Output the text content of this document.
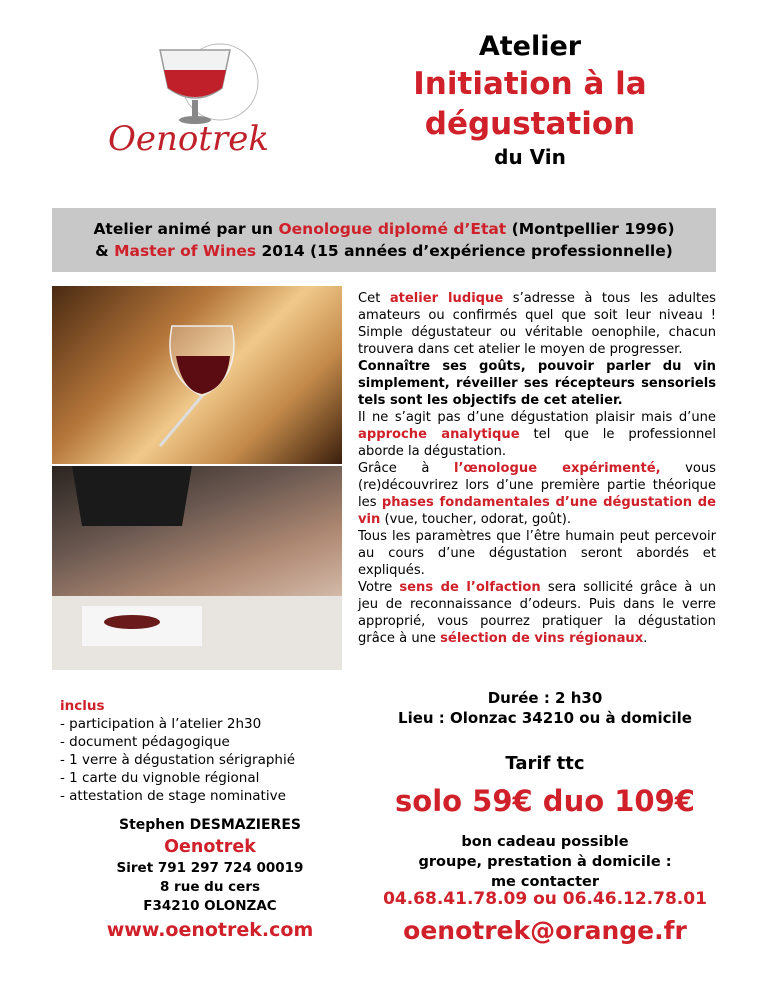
Oenotrek
Atelier
Initiation à la
dégustation
du Vin
Atelier animé par un Oenologue diplomé d’Etat (Montpellier 1996)
& Master of Wines 2014 (15 années d’expérience professionnelle)
Cet atelier ludique s’adresse à tous les adultes amateurs ou confirmés quel que soit leur niveau ! Simple dégustateur ou véritable oenophile, chacun trouvera dans cet atelier le moyen de progresser.
Connaître ses goûts, pouvoir parler du vin simplement, réveiller ses récepteurs sensoriels tels sont les objectifs de cet atelier.
Il ne s’agit pas d’une dégustation plaisir mais d’une approche analytique tel que le professionnel aborde la dégustation.
Grâce à l’œnologue expérimenté, vous (re)découvrirez lors d’une première partie théorique les phases fondamentales d’une dégustation de vin (vue, toucher, odorat, goût).
Tous les paramètres que l’être humain peut percevoir au cours d’une dégustation seront abordés et expliqués.
Votre sens de l’olfaction sera sollicité grâce à un jeu de reconnaissance d’odeurs. Puis dans le verre approprié, vous pourrez pratiquer la dégustation grâce à une sélection de vins régionaux.
inclus
- participation à l’atelier 2h30
- document pédagogique
- 1 verre à dégustation sérigraphié
- 1 carte du vignoble régional
- attestation de stage nominative
Stephen DESMAZIERES
Oenotrek
Siret 791 297 724 00019
8 rue du cers
F34210 OLONZAC
www.oenotrek.com
Durée : 2 h30
Lieu : Olonzac 34210 ou à domicile
Tarif ttc
solo 59€ duo 109€
bon cadeau possible
groupe, prestation à domicile :
me contacter
04.68.41.78.09 ou 06.46.12.78.01
oenotrek@orange.fr
